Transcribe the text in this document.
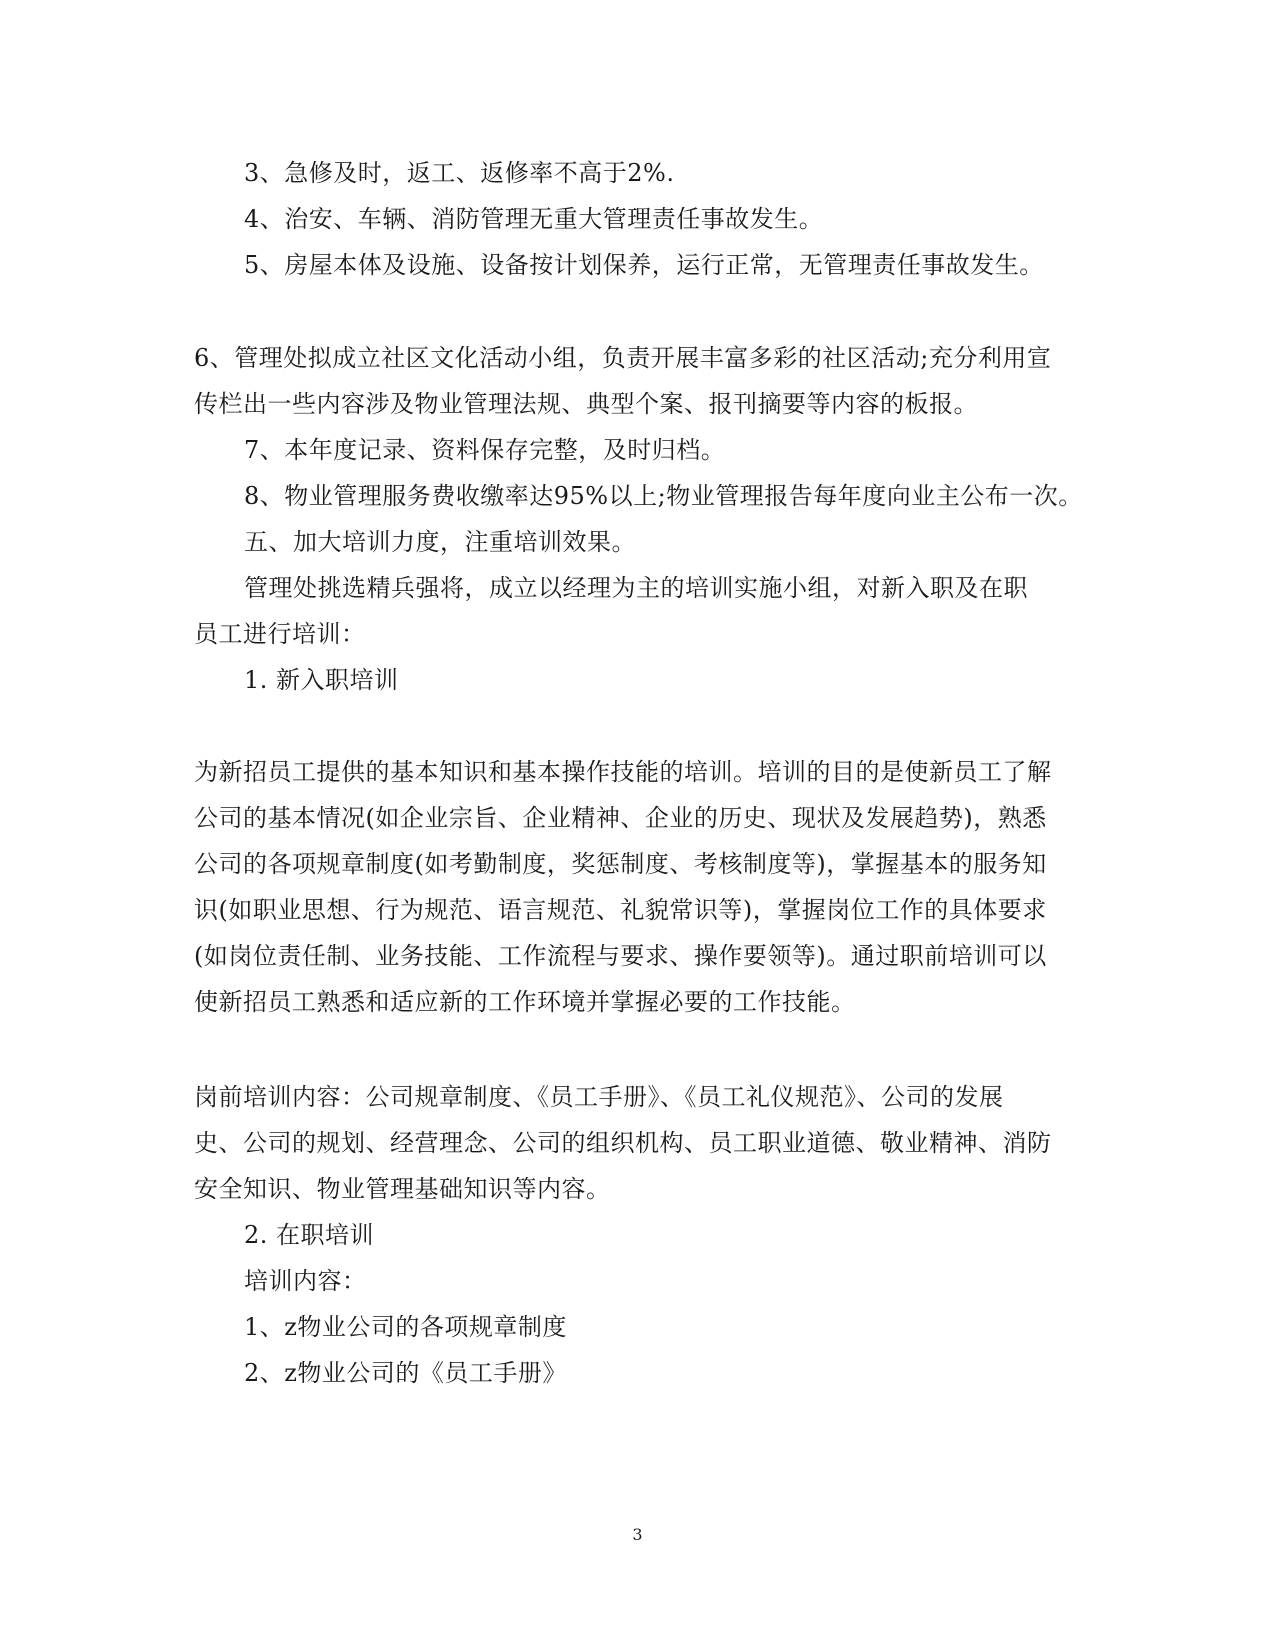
3、急修及时，返工、返修率不高于2%.
4、治安、车辆、消防管理无重大管理责任事故发生。
5、房屋本体及设施、设备按计划保养，运行正常，无管理责任事故发生。
6、管理处拟成立社区文化活动小组，负责开展丰富多彩的社区活动;充分利用宣
传栏出一些内容涉及物业管理法规、典型个案、报刊摘要等内容的板报。
7、本年度记录、资料保存完整，及时归档。
8、物业管理服务费收缴率达95%以上;物业管理报告每年度向业主公布一次。
五、加大培训力度，注重培训效果。
管理处挑选精兵强将，成立以经理为主的培训实施小组，对新入职及在职
员工进行培训：
1. 新入职培训
为新招员工提供的基本知识和基本操作技能的培训。培训的目的是使新员工了解
公司的基本情况(如企业宗旨、企业精神、企业的历史、现状及发展趋势)，熟悉
公司的各项规章制度(如考勤制度，奖惩制度、考核制度等)，掌握基本的服务知
识(如职业思想、行为规范、语言规范、礼貌常识等)，掌握岗位工作的具体要求
(如岗位责任制、业务技能、工作流程与要求、操作要领等)。通过职前培训可以
使新招员工熟悉和适应新的工作环境并掌握必要的工作技能。
岗前培训内容：公司规章制度、《员工手册》、《员工礼仪规范》、公司的发展
史、公司的规划、经营理念、公司的组织机构、员工职业道德、敬业精神、消防
安全知识、物业管理基础知识等内容。
2. 在职培训
培训内容：
1、z物业公司的各项规章制度
2、z物业公司的《员工手册》
3
